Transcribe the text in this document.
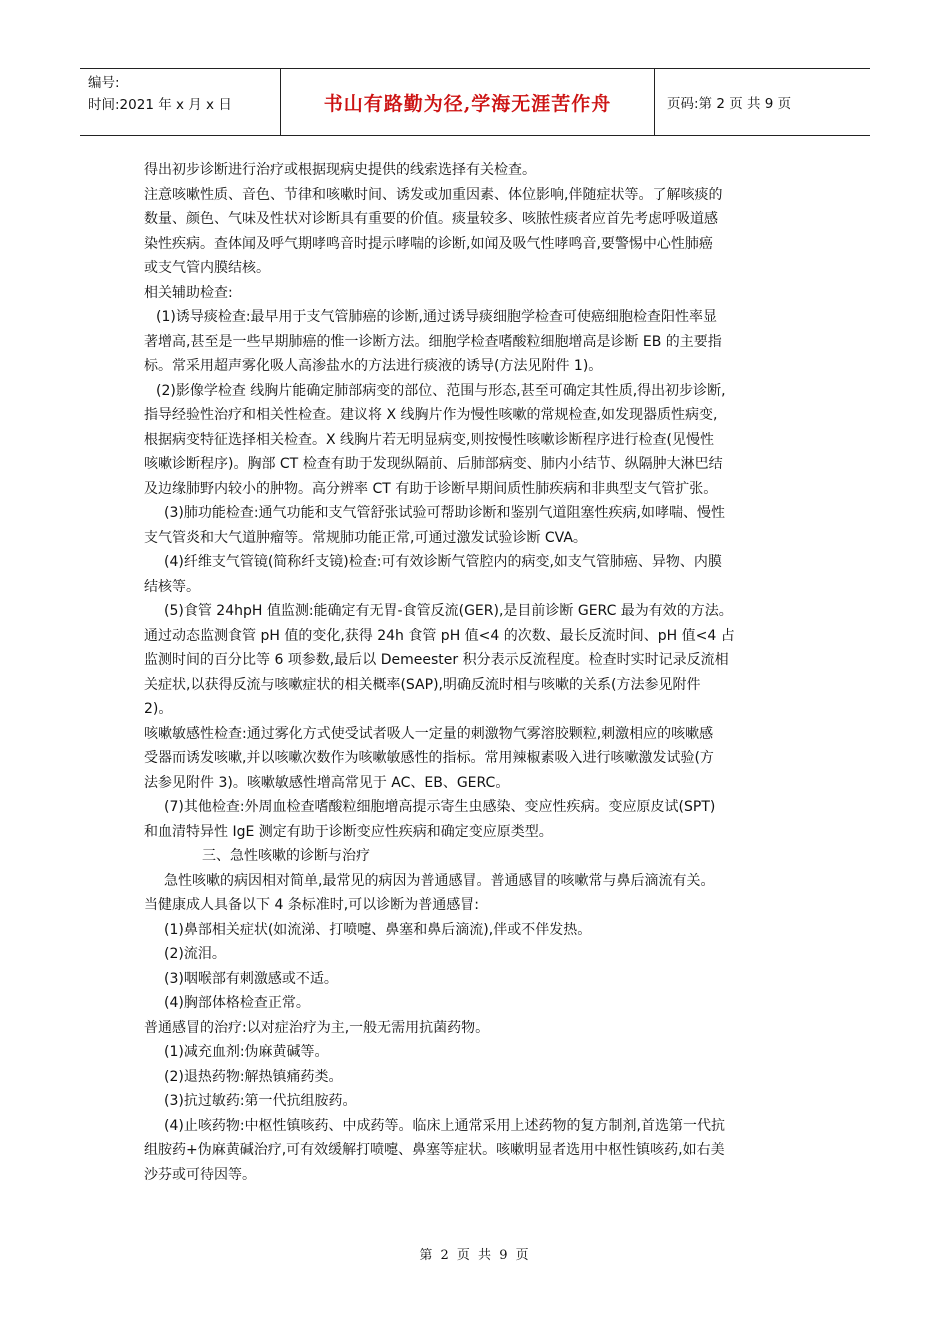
编号:
时间:2021 年 x 月 x 日	书山有路勤为径,学海无涯苦作舟	页码:第 2 页 共 9 页
得出初步诊断进行治疗或根据现病史提供的线索选择有关检查。
注意咳嗽性质、音色、节律和咳嗽时间、诱发或加重因素、体位影响,伴随症状等。了解咳痰的
数量、颜色、气味及性状对诊断具有重要的价值。痰量较多、咳脓性痰者应首先考虑呼吸道感
染性疾病。查体闻及呼气期哮鸣音时提示哮喘的诊断,如闻及吸气性哮鸣音,要警惕中心性肺癌
或支气管内膜结核。
相关辅助检查:
(1)诱导痰检查:最早用于支气管肺癌的诊断,通过诱导痰细胞学检查可使癌细胞检查阳性率显
著增高,甚至是一些早期肺癌的惟一诊断方法。细胞学检查嗜酸粒细胞增高是诊断 EB 的主要指
标。常采用超声雾化吸人高渗盐水的方法进行痰液的诱导(方法见附件 1)。
(2)影像学检查 线胸片能确定肺部病变的部位、范围与形态,甚至可确定其性质,得出初步诊断,
指导经验性治疗和相关性检查。建议将 X 线胸片作为慢性咳嗽的常规检查,如发现器质性病变,
根据病变特征选择相关检查。X 线胸片若无明显病变,则按慢性咳嗽诊断程序进行检查(见慢性
咳嗽诊断程序)。胸部 CT 检查有助于发现纵隔前、后肺部病变、肺内小结节、纵隔肿大淋巴结
及边缘肺野内较小的肿物。高分辨率 CT 有助于诊断早期间质性肺疾病和非典型支气管扩张。
(3)肺功能检查:通气功能和支气管舒张试验可帮助诊断和鉴别气道阻塞性疾病,如哮喘、慢性
支气管炎和大气道肿瘤等。常规肺功能正常,可通过激发试验诊断 CVA。
(4)纤维支气管镜(简称纤支镜)检查:可有效诊断气管腔内的病变,如支气管肺癌、异物、内膜
结核等。
(5)食管 24hpH 值监测:能确定有无胃-食管反流(GER),是目前诊断 GERC 最为有效的方法。
通过动态监测食管 pH 值的变化,获得 24h 食管 pH 值<4 的次数、最长反流时间、pH 值<4 占
监测时间的百分比等 6 项参数,最后以 Demeester 积分表示反流程度。检查时实时记录反流相
关症状,以获得反流与咳嗽症状的相关概率(SAP),明确反流时相与咳嗽的关系(方法参见附件
2)。
咳嗽敏感性检查:通过雾化方式使受试者吸人一定量的刺激物气雾溶胶颗粒,刺激相应的咳嗽感
受器而诱发咳嗽,并以咳嗽次数作为咳嗽敏感性的指标。常用辣椒素吸入进行咳嗽激发试验(方
法参见附件 3)。咳嗽敏感性增高常见于 AC、EB、GERC。
(7)其他检查:外周血检查嗜酸粒细胞增高提示寄生虫感染、变应性疾病。变应原皮试(SPT)
和血清特异性 IgE 测定有助于诊断变应性疾病和确定变应原类型。
三、急性咳嗽的诊断与治疗
急性咳嗽的病因相对简单,最常见的病因为普通感冒。普通感冒的咳嗽常与鼻后滴流有关。
当健康成人具备以下 4 条标准时,可以诊断为普通感冒:
(1)鼻部相关症状(如流涕、打喷嚏、鼻塞和鼻后滴流),伴或不伴发热。
(2)流泪。
(3)咽喉部有刺激感或不适。
(4)胸部体格检查正常。
普通感冒的治疗:以对症治疗为主,一般无需用抗菌药物。
(1)减充血剂:伪麻黄碱等。
(2)退热药物:解热镇痛药类。
(3)抗过敏药:第一代抗组胺药。
(4)止咳药物:中枢性镇咳药、中成药等。临床上通常采用上述药物的复方制剂,首选第一代抗
组胺药+伪麻黄碱治疗,可有效缓解打喷嚏、鼻塞等症状。咳嗽明显者选用中枢性镇咳药,如右美
沙芬或可待因等。
第 2 页 共 9 页
